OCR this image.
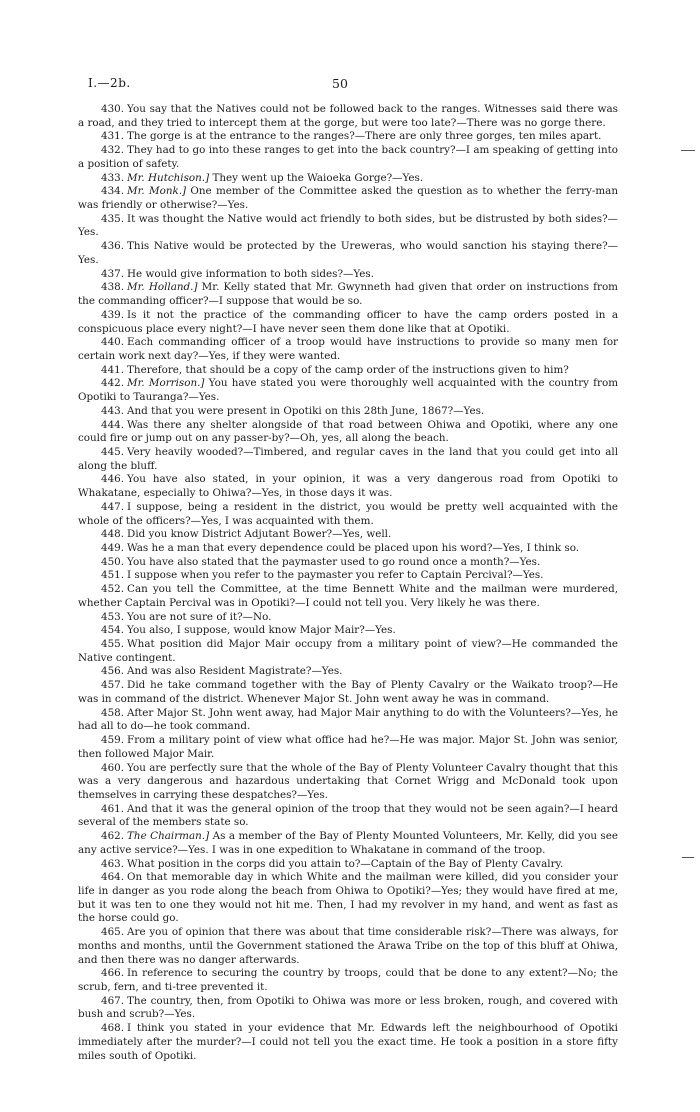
I.—2b.	50

430. You say that the Natives could not be followed back to the ranges. Witnesses said there was a road, and they tried to intercept them at the gorge, but were too late?—There was no gorge there.

431. The gorge is at the entrance to the ranges?—There are only three gorges, ten miles apart.

432. They had to go into these ranges to get into the back country?—I am speaking of getting into a position of safety.

433. Mr. Hutchison.] They went up the Waioeka Gorge?—Yes.

434. Mr. Monk.] One member of the Committee asked the question as to whether the ferry-man was friendly or otherwise?—Yes.

435. It was thought the Native would act friendly to both sides, but be distrusted by both sides?—Yes.

436. This Native would be protected by the Ureweras, who would sanction his staying there?—Yes.

437. He would give information to both sides?—Yes.

438. Mr. Holland.] Mr. Kelly stated that Mr. Gwynneth had given that order on instructions from the commanding officer?—I suppose that would be so.

439. Is it not the practice of the commanding officer to have the camp orders posted in a conspicuous place every night?—I have never seen them done like that at Opotiki.

440. Each commanding officer of a troop would have instructions to provide so many men for certain work next day?—Yes, if they were wanted.

441. Therefore, that should be a copy of the camp order of the instructions given to him?

442. Mr. Morrison.] You have stated you were thoroughly well acquainted with the country from Opotiki to Tauranga?—Yes.

443. And that you were present in Opotiki on this 28th June, 1867?—Yes.

444. Was there any shelter alongside of that road between Ohiwa and Opotiki, where any one could fire or jump out on any passer-by?—Oh, yes, all along the beach.

445. Very heavily wooded?—Timbered, and regular caves in the land that you could get into all along the bluff.

446. You have also stated, in your opinion, it was a very dangerous road from Opotiki to Whakatane, especially to Ohiwa?—Yes, in those days it was.

447. I suppose, being a resident in the district, you would be pretty well acquainted with the whole of the officers?—Yes, I was acquainted with them.

448. Did you know District Adjutant Bower?—Yes, well.

449. Was he a man that every dependence could be placed upon his word?—Yes, I think so.

450. You have also stated that the paymaster used to go round once a month?—Yes.

451. I suppose when you refer to the paymaster you refer to Captain Percival?—Yes.

452. Can you tell the Committee, at the time Bennett White and the mailman were murdered, whether Captain Percival was in Opotiki?—I could not tell you. Very likely he was there.

453. You are not sure of it?—No.

454. You also, I suppose, would know Major Mair?—Yes.

455. What position did Major Mair occupy from a military point of view?—He commanded the Native contingent.

456. And was also Resident Magistrate?—Yes.

457. Did he take command together with the Bay of Plenty Cavalry or the Waikato troop?—He was in command of the district. Whenever Major St. John went away he was in command.

458. After Major St. John went away, had Major Mair anything to do with the Volunteers?—Yes, he had all to do—he took command.

459. From a military point of view what office had he?—He was major. Major St. John was senior, then followed Major Mair.

460. You are perfectly sure that the whole of the Bay of Plenty Volunteer Cavalry thought that this was a very dangerous and hazardous undertaking that Cornet Wrigg and McDonald took upon themselves in carrying these despatches?—Yes.

461. And that it was the general opinion of the troop that they would not be seen again?—I heard several of the members state so.

462. The Chairman.] As a member of the Bay of Plenty Mounted Volunteers, Mr. Kelly, did you see any active service?—Yes. I was in one expedition to Whakatane in command of the troop.

463. What position in the corps did you attain to?—Captain of the Bay of Plenty Cavalry.

464. On that memorable day in which White and the mailman were killed, did you consider your life in danger as you rode along the beach from Ohiwa to Opotiki?—Yes; they would have fired at me, but it was ten to one they would not hit me. Then, I had my revolver in my hand, and went as fast as the horse could go.

465. Are you of opinion that there was about that time considerable risk?—There was always, for months and months, until the Government stationed the Arawa Tribe on the top of this bluff at Ohiwa, and then there was no danger afterwards.

466. In reference to securing the country by troops, could that be done to any extent?—No; the scrub, fern, and ti-tree prevented it.

467. The country, then, from Opotiki to Ohiwa was more or less broken, rough, and covered with bush and scrub?—Yes.

468. I think you stated in your evidence that Mr. Edwards left the neighbourhood of Opotiki immediately after the murder?—I could not tell you the exact time. He took a position in a store fifty miles south of Opotiki.
